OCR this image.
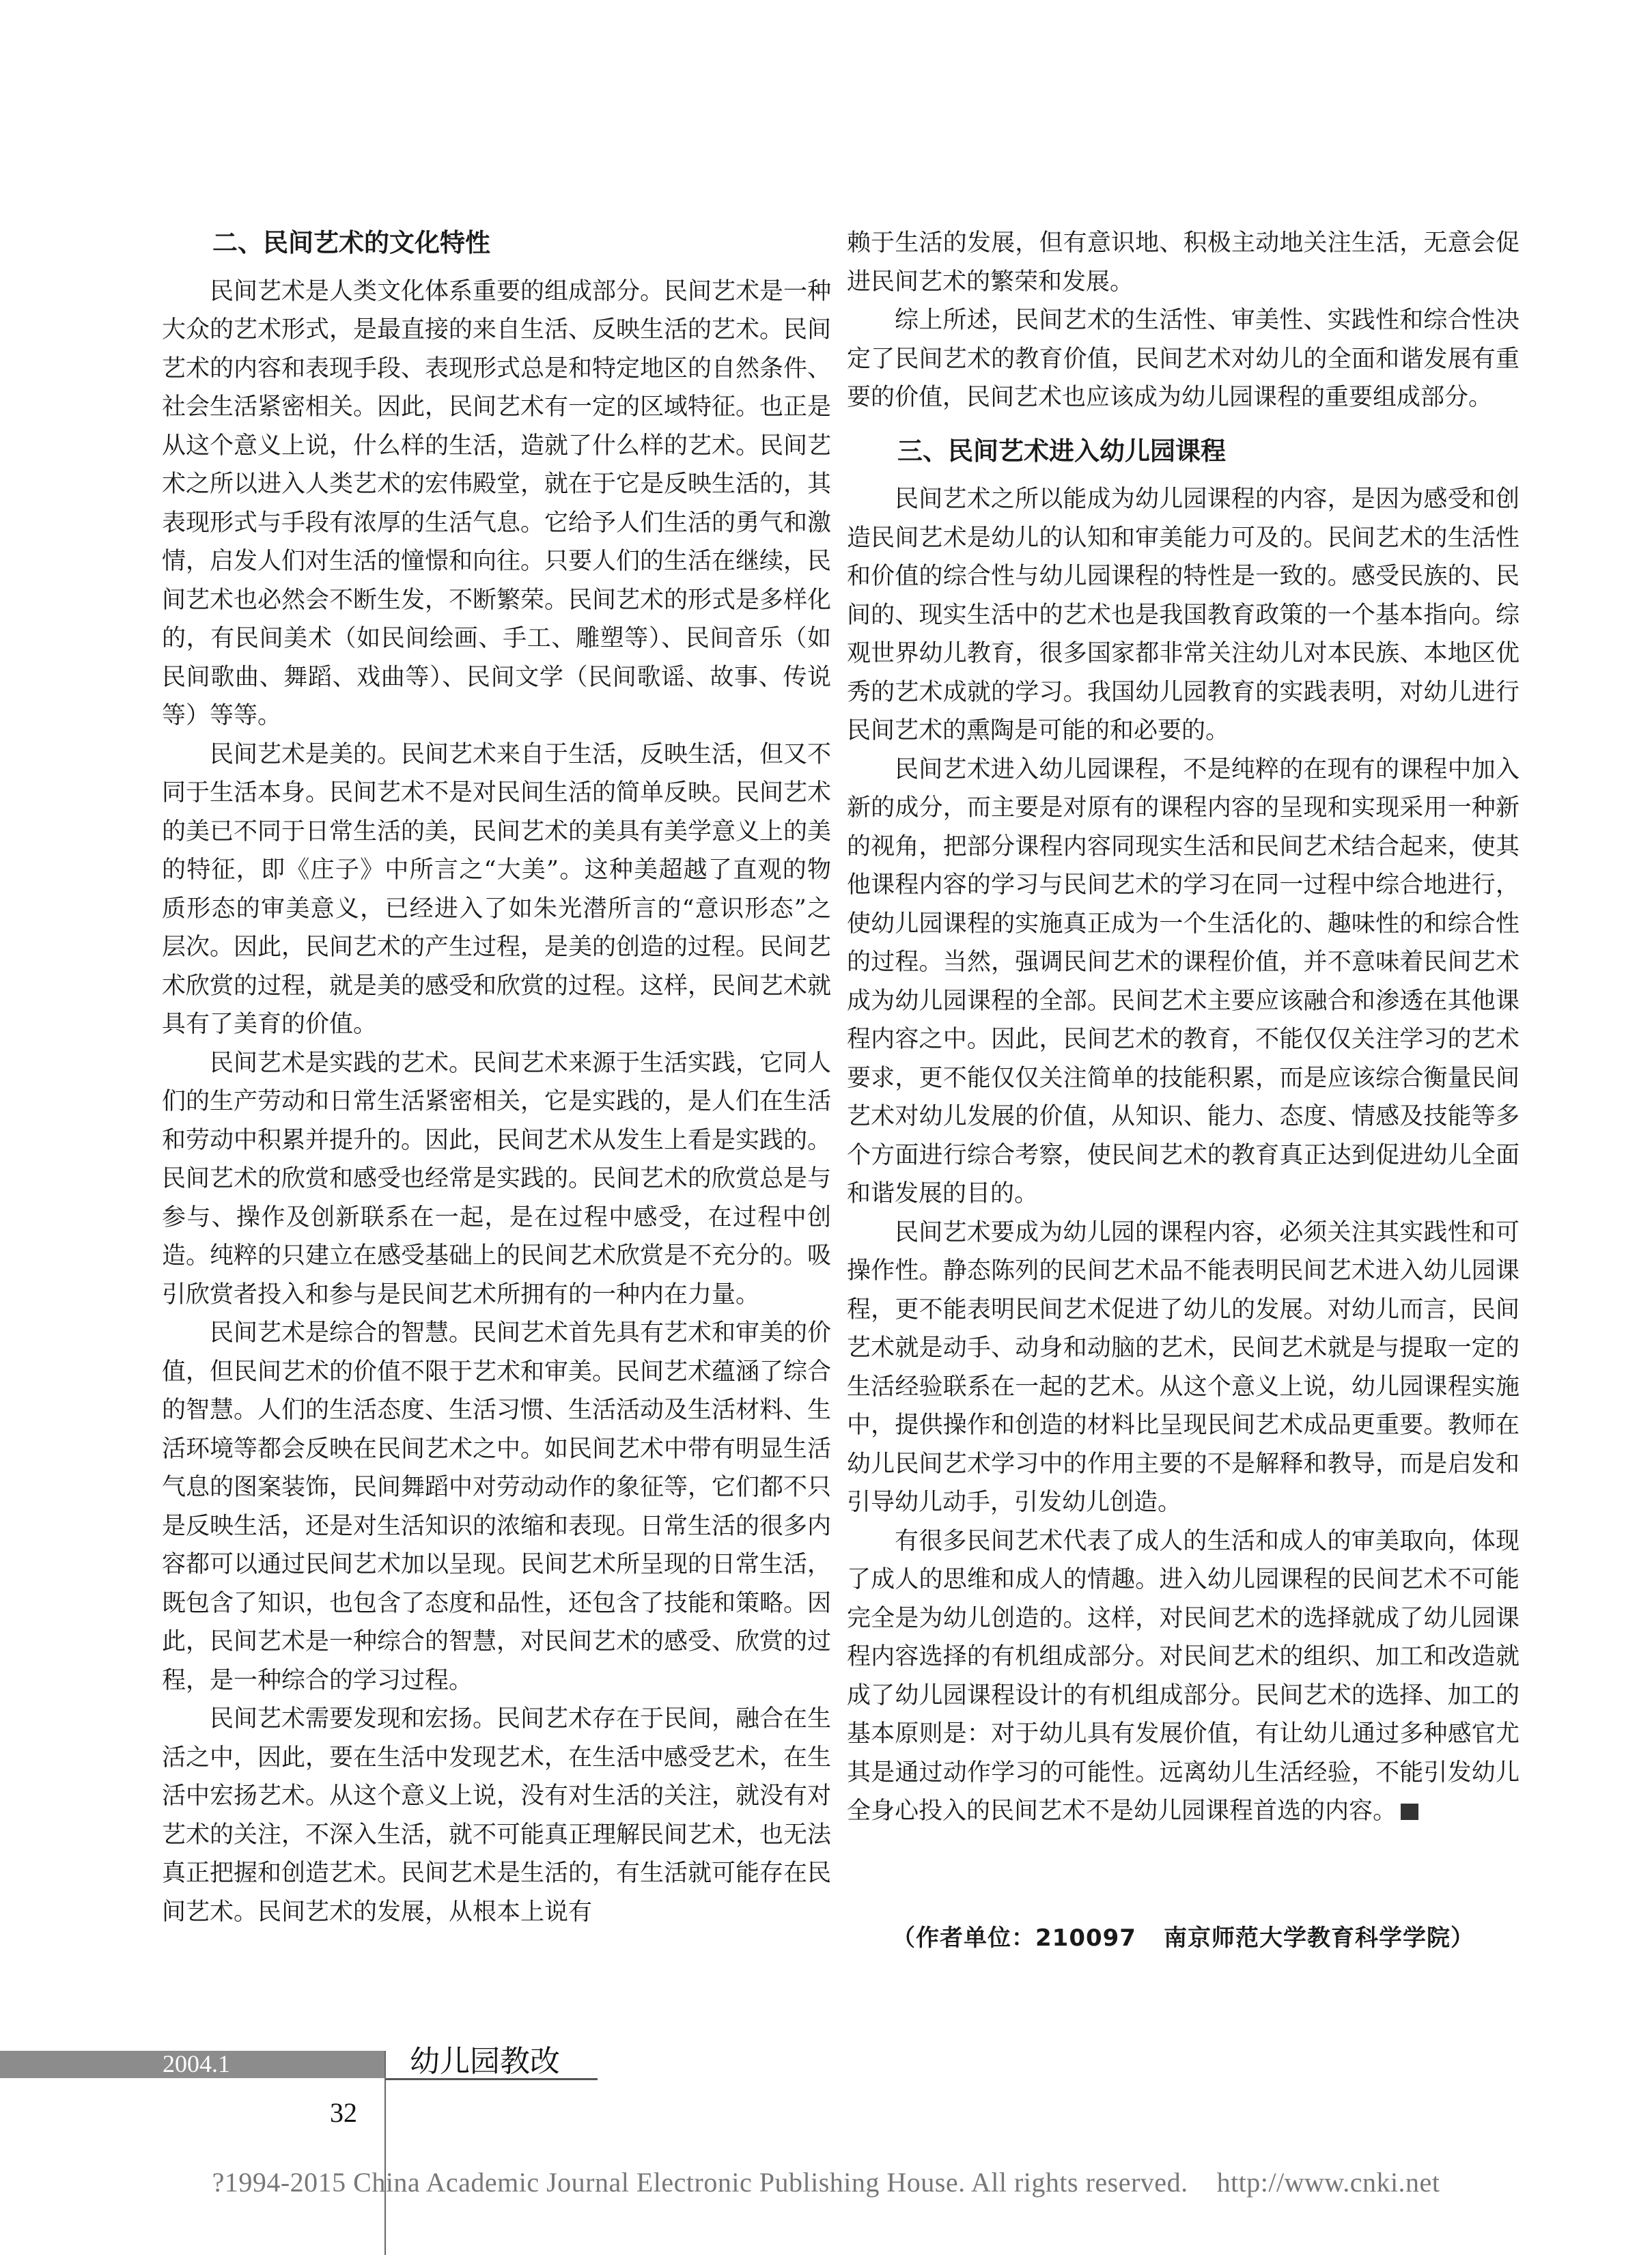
二、民间艺术的文化特性

民间艺术是人类文化体系重要的组成部分。民间艺术是一种大众的艺术形式，是最直接的来自生活、反映生活的艺术。民间艺术的内容和表现手段、表现形式总是和特定地区的自然条件、社会生活紧密相关。因此，民间艺术有一定的区域特征。也正是从这个意义上说，什么样的生活，造就了什么样的艺术。民间艺术之所以进入人类艺术的宏伟殿堂，就在于它是反映生活的，其表现形式与手段有浓厚的生活气息。它给予人们生活的勇气和激情，启发人们对生活的憧憬和向往。只要人们的生活在继续，民间艺术也必然会不断生发，不断繁荣。民间艺术的形式是多样化的，有民间美术（如民间绘画、手工、雕塑等）、民间音乐（如民间歌曲、舞蹈、戏曲等）、民间文学（民间歌谣、故事、传说等）等等。

民间艺术是美的。民间艺术来自于生活，反映生活，但又不同于生活本身。民间艺术不是对民间生活的简单反映。民间艺术的美已不同于日常生活的美，民间艺术的美具有美学意义上的美的特征，即《庄子》中所言之“大美”。这种美超越了直观的物质形态的审美意义，已经进入了如朱光潜所言的“意识形态”之层次。因此，民间艺术的产生过程，是美的创造的过程。民间艺术欣赏的过程，就是美的感受和欣赏的过程。这样，民间艺术就具有了美育的价值。

民间艺术是实践的艺术。民间艺术来源于生活实践，它同人们的生产劳动和日常生活紧密相关，它是实践的，是人们在生活和劳动中积累并提升的。因此，民间艺术从发生上看是实践的。民间艺术的欣赏和感受也经常是实践的。民间艺术的欣赏总是与参与、操作及创新联系在一起，是在过程中感受，在过程中创造。纯粹的只建立在感受基础上的民间艺术欣赏是不充分的。吸引欣赏者投入和参与是民间艺术所拥有的一种内在力量。

民间艺术是综合的智慧。民间艺术首先具有艺术和审美的价值，但民间艺术的价值不限于艺术和审美。民间艺术蕴涵了综合的智慧。人们的生活态度、生活习惯、生活活动及生活材料、生活环境等都会反映在民间艺术之中。如民间艺术中带有明显生活气息的图案装饰，民间舞蹈中对劳动动作的象征等，它们都不只是反映生活，还是对生活知识的浓缩和表现。日常生活的很多内容都可以通过民间艺术加以呈现。民间艺术所呈现的日常生活，既包含了知识，也包含了态度和品性，还包含了技能和策略。因此，民间艺术是一种综合的智慧，对民间艺术的感受、欣赏的过程，是一种综合的学习过程。

民间艺术需要发现和宏扬。民间艺术存在于民间，融合在生活之中，因此，要在生活中发现艺术，在生活中感受艺术，在生活中宏扬艺术。从这个意义上说，没有对生活的关注，就没有对艺术的关注，不深入生活，就不可能真正理解民间艺术，也无法真正把握和创造艺术。民间艺术是生活的，有生活就可能存在民间艺术。民间艺术的发展，从根本上说有

赖于生活的发展，但有意识地、积极主动地关注生活，无意会促进民间艺术的繁荣和发展。

综上所述，民间艺术的生活性、审美性、实践性和综合性决定了民间艺术的教育价值，民间艺术对幼儿的全面和谐发展有重要的价值，民间艺术也应该成为幼儿园课程的重要组成部分。

三、民间艺术进入幼儿园课程

民间艺术之所以能成为幼儿园课程的内容，是因为感受和创造民间艺术是幼儿的认知和审美能力可及的。民间艺术的生活性和价值的综合性与幼儿园课程的特性是一致的。感受民族的、民间的、现实生活中的艺术也是我国教育政策的一个基本指向。综观世界幼儿教育，很多国家都非常关注幼儿对本民族、本地区优秀的艺术成就的学习。我国幼儿园教育的实践表明，对幼儿进行民间艺术的熏陶是可能的和必要的。

民间艺术进入幼儿园课程，不是纯粹的在现有的课程中加入新的成分，而主要是对原有的课程内容的呈现和实现采用一种新的视角，把部分课程内容同现实生活和民间艺术结合起来，使其他课程内容的学习与民间艺术的学习在同一过程中综合地进行，使幼儿园课程的实施真正成为一个生活化的、趣味性的和综合性的过程。当然，强调民间艺术的课程价值，并不意味着民间艺术成为幼儿园课程的全部。民间艺术主要应该融合和渗透在其他课程内容之中。因此，民间艺术的教育，不能仅仅关注学习的艺术要求，更不能仅仅关注简单的技能积累，而是应该综合衡量民间艺术对幼儿发展的价值，从知识、能力、态度、情感及技能等多个方面进行综合考察，使民间艺术的教育真正达到促进幼儿全面和谐发展的目的。

民间艺术要成为幼儿园的课程内容，必须关注其实践性和可操作性。静态陈列的民间艺术品不能表明民间艺术进入幼儿园课程，更不能表明民间艺术促进了幼儿的发展。对幼儿而言，民间艺术就是动手、动身和动脑的艺术，民间艺术就是与提取一定的生活经验联系在一起的艺术。从这个意义上说，幼儿园课程实施中，提供操作和创造的材料比呈现民间艺术成品更重要。教师在幼儿民间艺术学习中的作用主要的不是解释和教导，而是启发和引导幼儿动手，引发幼儿创造。

有很多民间艺术代表了成人的生活和成人的审美取向，体现了成人的思维和成人的情趣。进入幼儿园课程的民间艺术不可能完全是为幼儿创造的。这样，对民间艺术的选择就成了幼儿园课程内容选择的有机组成部分。对民间艺术的组织、加工和改造就成了幼儿园课程设计的有机组成部分。民间艺术的选择、加工的基本原则是：对于幼儿具有发展价值，有让幼儿通过多种感官尤其是通过动作学习的可能性。远离幼儿生活经验，不能引发幼儿全身心投入的民间艺术不是幼儿园课程首选的内容。

（作者单位：210097 南京师范大学教育科学学院）
2004.1	幼儿园教改
32
?1994-2015 China Academic Journal Electronic Publishing House. All rights reserved.    http://www.cnki.net
